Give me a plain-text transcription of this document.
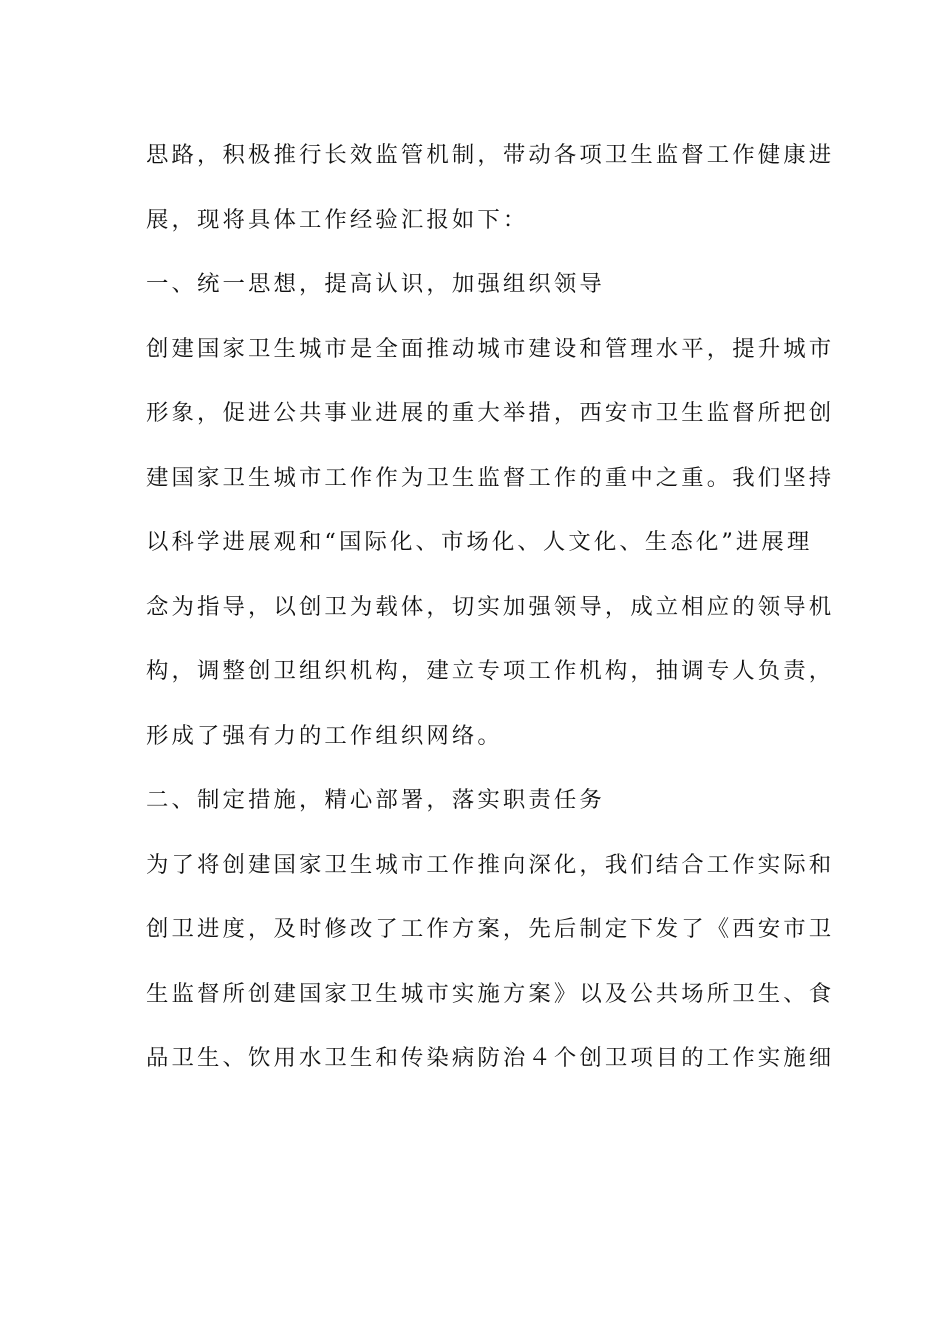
思路，积极推行长效监管机制，带动各项卫生监督工作健康进
展，现将具体工作经验汇报如下：
一、统一思想，提高认识，加强组织领导
创建国家卫生城市是全面推动城市建设和管理水平，提升城市
形象，促进公共事业进展的重大举措，西安市卫生监督所把创
建国家卫生城市工作作为卫生监督工作的重中之重。我们坚持
以科学进展观和“国际化、市场化、人文化、生态化”进展理
念为指导，以创卫为载体，切实加强领导，成立相应的领导机
构，调整创卫组织机构，建立专项工作机构，抽调专人负责，
形成了强有力的工作组织网络。
二、制定措施，精心部署，落实职责任务
为了将创建国家卫生城市工作推向深化，我们结合工作实际和
创卫进度，及时修改了工作方案，先后制定下发了《西安市卫
生监督所创建国家卫生城市实施方案》以及公共场所卫生、食
品卫生、饮用水卫生和传染病防治４个创卫项目的工作实施细
